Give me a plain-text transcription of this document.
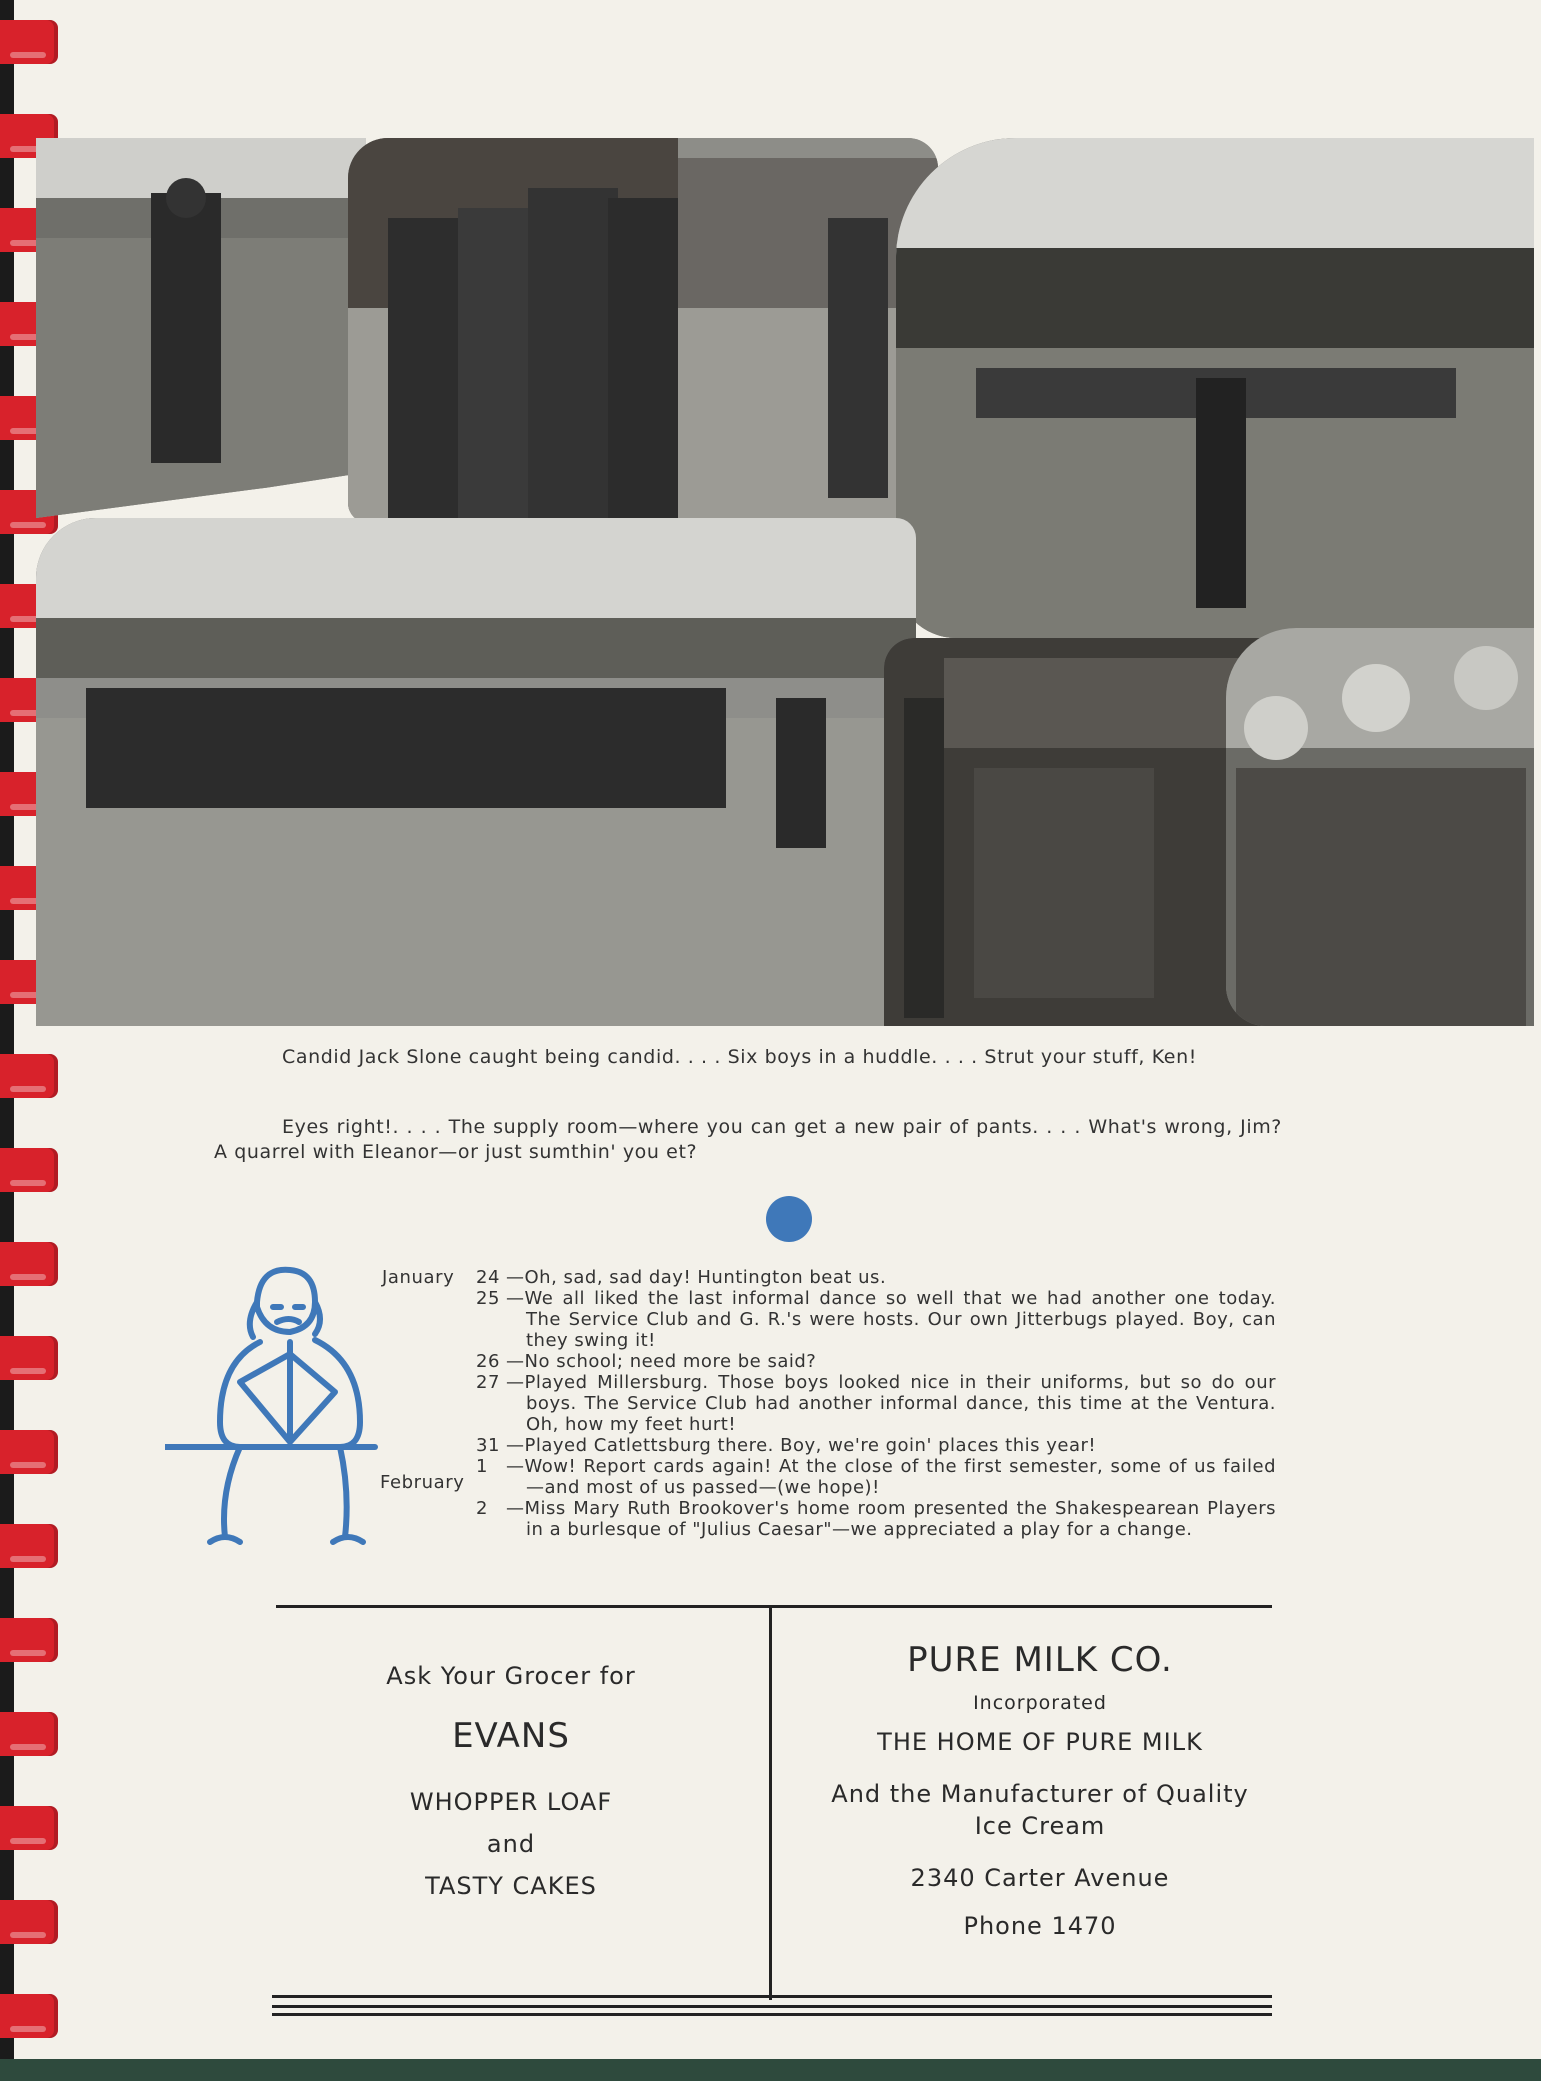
Candid Jack Slone caught being candid. . . . Six boys in a huddle. . . . Strut your stuff, Ken!
Eyes right!. . . . The supply room—where you can get a new pair of pants. . . . What's wrong, Jim? A quarrel with Eleanor—or just sumthin' you et?
January
February
24 —Oh, sad, sad day! Huntington beat us.
25 —We all liked the last informal dance so well that we had another one today. The Service Club and G. R.'s were hosts. Our own Jitterbugs played. Boy, can they swing it!
26 —No school; need more be said?
27 —Played Millersburg. Those boys looked nice in their uniforms, but so do our boys. The Service Club had another informal dance, this time at the Ventura. Oh, how my feet hurt!
31 —Played Catlettsburg there. Boy, we're goin' places this year!
1 —Wow! Report cards again! At the close of the first semester, some of us failed—and most of us passed—(we hope)!
2 —Miss Mary Ruth Brookover's home room presented the Shakespearean Players in a burlesque of "Julius Caesar"—we appreciated a play for a change.
Ask Your Grocer for
EVANS
WHOPPER LOAF
and
TASTY CAKES
PURE MILK CO.
Incorporated
THE HOME OF PURE MILK
And the Manufacturer of Quality
Ice Cream
2340 Carter Avenue
Phone 1470
